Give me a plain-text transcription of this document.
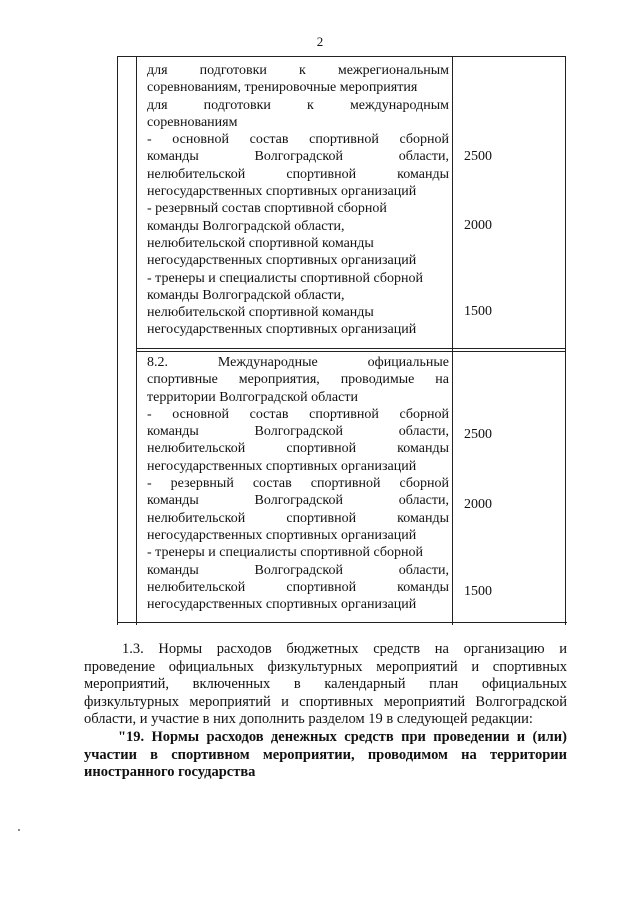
2
для подготовки к межрегиональным
соревнованиям, тренировочные мероприятия
для подготовки к международным
соревнованиям
- основной состав спортивной сборной
команды Волгоградской области,
нелюбительской спортивной команды
негосударственных спортивных организаций
- резервный состав спортивной сборной
команды Волгоградской области,
нелюбительской спортивной команды
негосударственных спортивных организаций
- тренеры и специалисты спортивной сборной
команды Волгоградской области,
нелюбительской спортивной команды
негосударственных спортивных организаций
2500
2000
1500
8.2. Международные официальные
спортивные мероприятия, проводимые на
территории Волгоградской области
- основной состав спортивной сборной
команды Волгоградской области,
нелюбительской спортивной команды
негосударственных спортивных организаций
- резервный состав спортивной сборной
команды Волгоградской области,
нелюбительской спортивной команды
негосударственных спортивных организаций
- тренеры и специалисты спортивной сборной
команды Волгоградской области,
нелюбительской спортивной команды
негосударственных спортивных организаций
2500
2000
1500
1.3. Нормы расходов бюджетных средств на организацию и
проведение официальных физкультурных мероприятий и спортивных
мероприятий, включенных в календарный план официальных
физкультурных мероприятий и спортивных мероприятий Волгоградской
области, и участие в них дополнить разделом 19 в следующей редакции:
"19. Нормы расходов денежных средств при проведении и (или)
участии в спортивном мероприятии, проводимом на территории
иностранного государства
